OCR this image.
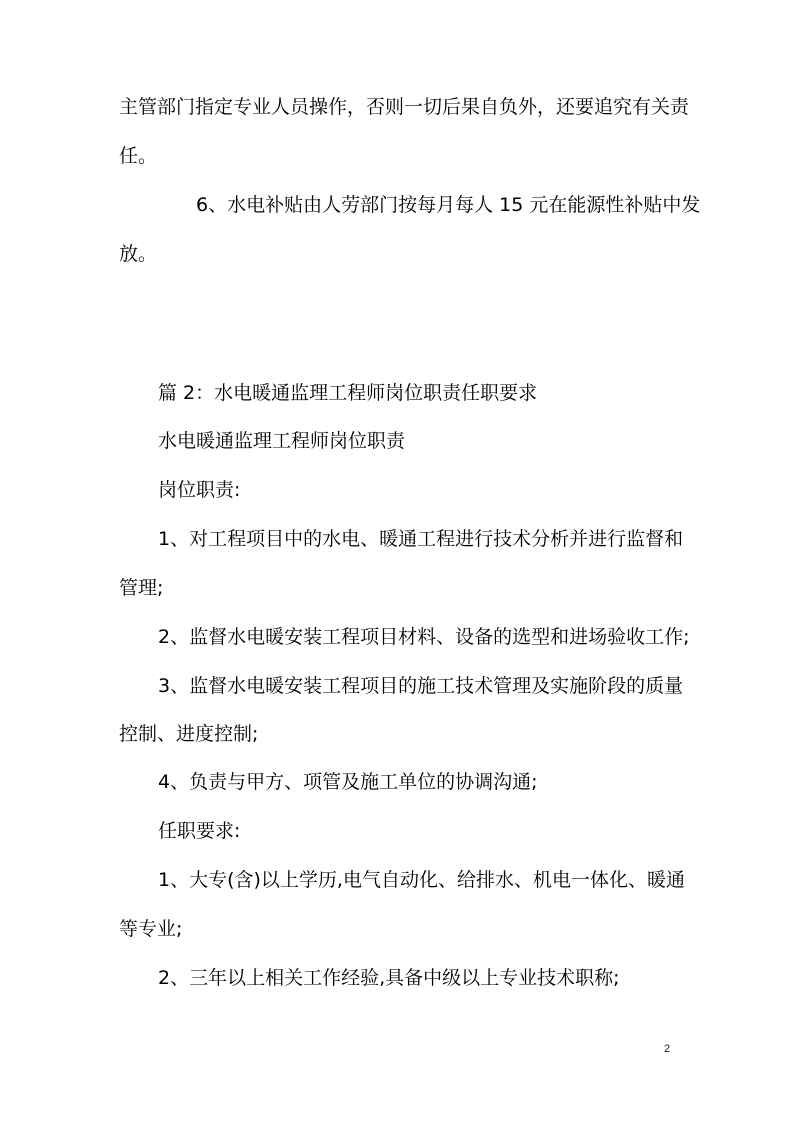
主管部门指定专业人员操作，否则一切后果自负外，还要追究有关责
任。
6、水电补贴由人劳部门按每月每人 15 元在能源性补贴中发
放。
篇 2：水电暖通监理工程师岗位职责任职要求
水电暖通监理工程师岗位职责
岗位职责:
1、对工程项目中的水电、暖通工程进行技术分析并进行监督和
管理;
2、监督水电暖安装工程项目材料、设备的选型和进场验收工作;
3、监督水电暖安装工程项目的施工技术管理及实施阶段的质量
控制、进度控制;
4、负责与甲方、项管及施工单位的协调沟通;
任职要求:
1、大专(含)以上学历,电气自动化、给排水、机电一体化、暖通
等专业;
2、三年以上相关工作经验,具备中级以上专业技术职称;
2
